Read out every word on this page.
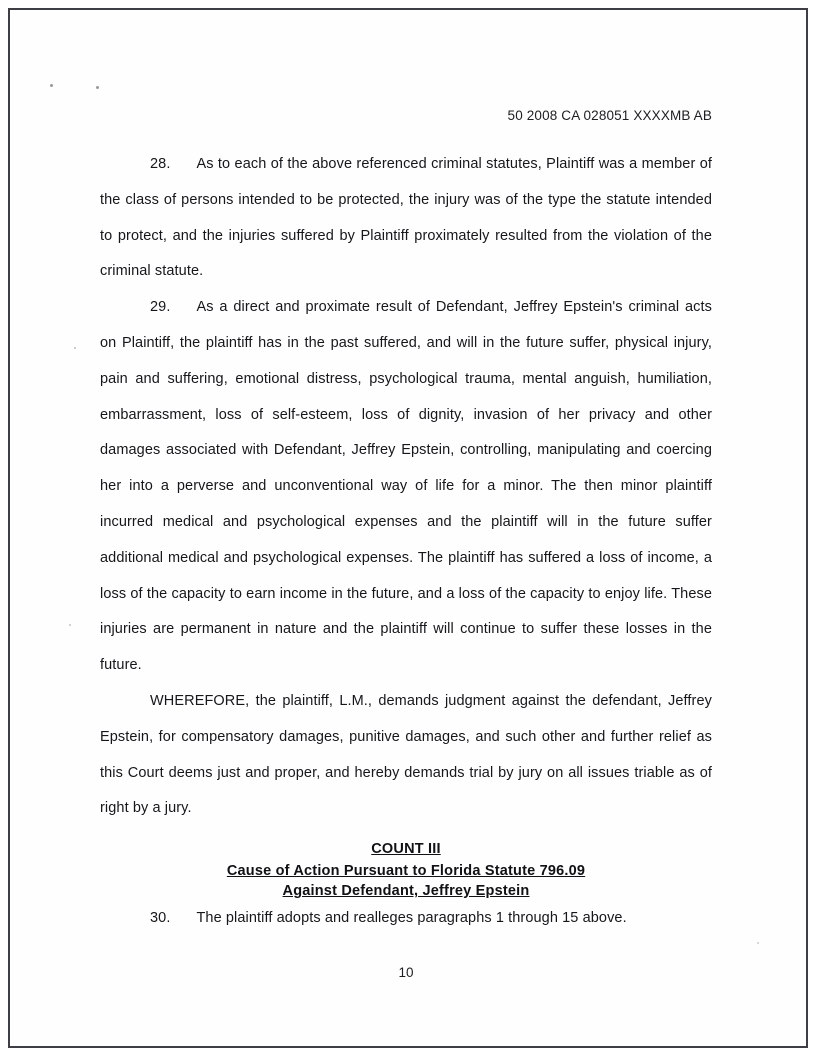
50 2008 CA 028051 XXXXMB AB

28. As to each of the above referenced criminal statutes, Plaintiff was a member of the class of persons intended to be protected, the injury was of the type the statute intended to protect, and the injuries suffered by Plaintiff proximately resulted from the violation of the criminal statute.

29. As a direct and proximate result of Defendant, Jeffrey Epstein's criminal acts on Plaintiff, the plaintiff has in the past suffered, and will in the future suffer, physical injury, pain and suffering, emotional distress, psychological trauma, mental anguish, humiliation, embarrassment, loss of self-esteem, loss of dignity, invasion of her privacy and other damages associated with Defendant, Jeffrey Epstein, controlling, manipulating and coercing her into a perverse and unconventional way of life for a minor. The then minor plaintiff incurred medical and psychological expenses and the plaintiff will in the future suffer additional medical and psychological expenses. The plaintiff has suffered a loss of income, a loss of the capacity to earn income in the future, and a loss of the capacity to enjoy life. These injuries are permanent in nature and the plaintiff will continue to suffer these losses in the future.

WHEREFORE, the plaintiff, L.M., demands judgment against the defendant, Jeffrey Epstein, for compensatory damages, punitive damages, and such other and further relief as this Court deems just and proper, and hereby demands trial by jury on all issues triable as of right by a jury.

COUNT III
Cause of Action Pursuant to Florida Statute 796.09
Against Defendant, Jeffrey Epstein

30. The plaintiff adopts and realleges paragraphs 1 through 15 above.

10
